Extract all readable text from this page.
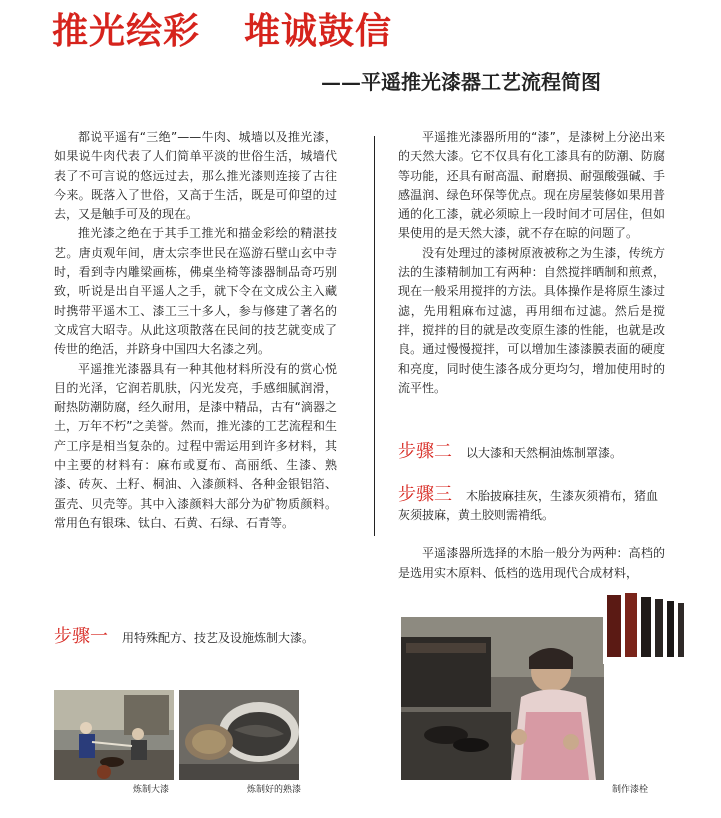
推光绘彩 堆诚鼓信
——平遥推光漆器工艺流程简图

都说平遥有“三绝”——牛肉、城墙以及推光漆，如果说牛肉代表了人们简单平淡的世俗生活，城墙代表了不可言说的悠远过去，那么推光漆则连接了古往今来。既落入了世俗，又高于生活，既是可仰望的过去，又是触手可及的现在。

推光漆之绝在于其手工推光和描金彩绘的精湛技艺。唐贞观年间，唐太宗李世民在巡游石壁山玄中寺时，看到寺内雕梁画栋，佛桌坐椅等漆器制品奇巧别致，听说是出自平遥人之手，就下令在文成公主入藏时携带平遥木工、漆工三十多人，参与修建了著名的文成宫大昭寺。从此这项散落在民间的技艺就变成了传世的绝活，并跻身中国四大名漆之列。

平遥推光漆器具有一种其他材料所没有的赏心悦目的光泽，它润若肌肤，闪光发亮，手感细腻润滑，耐热防潮防腐，经久耐用，是漆中精品，古有“滴器之土，万年不朽”之美誉。然而，推光漆的工艺流程和生产工序是相当复杂的。过程中需运用到许多材料，其中主要的材料有：麻布或夏布、高丽纸、生漆、熟漆、砖灰、土籽、桐油、入漆颜料、各种金银铝箔、蛋壳、贝壳等。其中入漆颜料大部分为矿物质颜料。常用色有银珠、钛白、石黄、石绿、石青等。

平遥推光漆器所用的“漆”，是漆树上分泌出来的天然大漆。它不仅具有化工漆具有的防潮、防腐等功能，还具有耐高温、耐磨损、耐强酸强碱、手感温润、绿色环保等优点。现在房屋装修如果用普通的化工漆，就必须晾上一段时间才可居住，但如果使用的是天然大漆，就不存在晾的问题了。

没有处理过的漆树原液被称之为生漆，传统方法的生漆精制加工有两种：自然搅拌晒制和煎煮，现在一般采用搅拌的方法。具体操作是将原生漆过滤，先用粗麻布过滤，再用细布过滤。然后是搅拌，搅拌的目的就是改变原生漆的性能，也就是改良。通过慢慢搅拌，可以增加生漆漆膜表面的硬度和亮度，同时使生漆各成分更均匀，增加使用时的流平性。

步骤一 用特殊配方、技艺及设施炼制大漆。
步骤二 以大漆和天然桐油炼制罩漆。
步骤三 木胎披麻挂灰，生漆灰须褙布，猪血灰须披麻，黄土胶则需褙纸。

平遥漆器所选择的木胎一般分为两种：高档的是选用实木原料、低档的选用现代合成材料，

炼制大漆	炼制好的熟漆	制作漆栓
